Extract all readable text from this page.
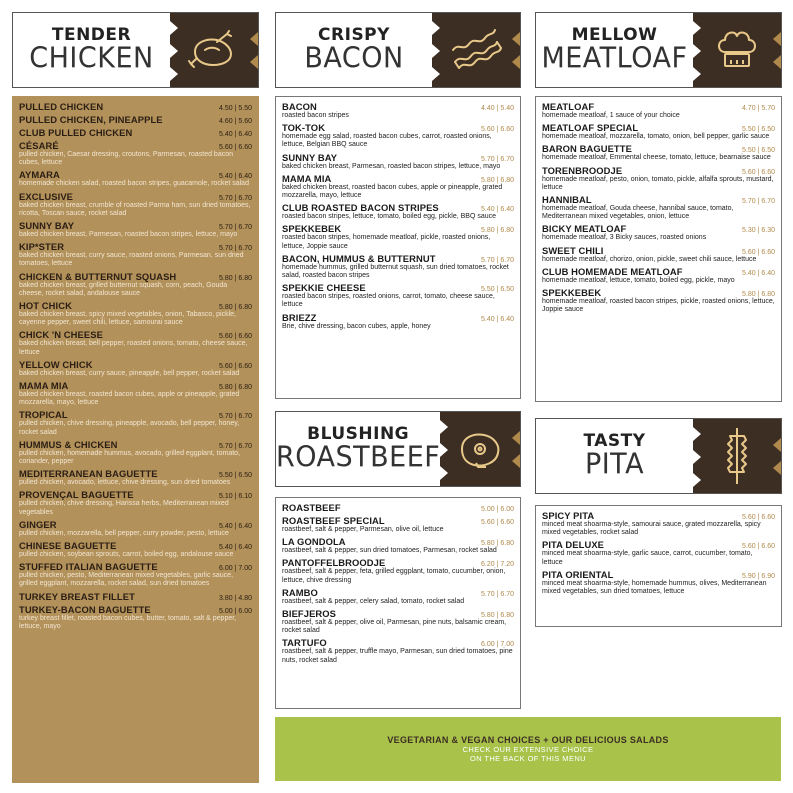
TENDER
CHICKEN
CRISPY
BACON
MELLOW
MEATLOAF
BLUSHING
ROASTBEEF
TASTY
PITA
PULLED CHICKEN	4.50 | 5.50
PULLED CHICKEN, PINEAPPLE	4.60 | 5.60
CLUB PULLED CHICKEN	5.40 | 6.40
CÉSARÉ	5.60 | 6.60
pulled chicken, Caesar dressing, croutons, Parmesan, roasted bacon cubes, lettuce
AYMARA	5.40 | 6.40
homemade chicken salad, roasted bacon stripes, guacamole, rocket salad
EXCLUSIVE	5.70 | 6.70
baked chicken breast, crumble of roasted Parma ham, sun dried tomatoes, ricotta, Toscan sauce, rocket salad
SUNNY BAY	5.70 | 6.70
baked chicken breast, Parmesan, roasted bacon stripes, lettuce, mayo
KIP*STER	5.70 | 6.70
baked chicken breast, curry sauce, roasted onions, Parmesan, sun dried tomatoes, lettuce
CHICKEN & BUTTERNUT SQUASH	5.80 | 6.80
baked chicken breast, grilled butternut squash, corn, peach, Gouda cheese, rocket salad, andalouse sauce
HOT CHICK	5.80 | 6.80
baked chicken breast, spicy mixed vegetables, onion, Tabasco, pickle, cayenne pepper, sweet chili, lettuce, samourai sauce
CHICK 'N CHEESE	5.60 | 6.60
baked chicken breast, bell pepper, roasted onions, tomato, cheese sauce, lettuce
YELLOW CHICK	5.60 | 6.60
baked chicken breast, curry sauce, pineapple, bell pepper, rocket salad
MAMA MIA	5.80 | 6.80
baked chicken breast, roasted bacon cubes, apple or pineapple, grated mozzarella, mayo, lettuce
TROPICAL	5.70 | 6.70
pulled chicken, chive dressing, pineapple, avocado, bell pepper, honey, rocket salad
HUMMUS & CHICKEN	5.70 | 6.70
pulled chicken, homemade hummus, avocado, grilled eggplant, tomato, coriander, pepper
MEDITERRANEAN BAGUETTE	5.50 | 6.50
pulled chicken, avocado, lettuce, chive dressing, sun dried tomatoes
PROVENÇAL BAGUETTE	5.10 | 6.10
pulled chicken, chive dressing, Harissa herbs, Mediterranean mixed vegetables
GINGER	5.40 | 6.40
pulled chicken, mozzarella, bell pepper, curry powder, pesto, lettuce
CHINESE BAGUETTE	5.40 | 6.40
pulled chicken, soybean sprouts, carrot, boiled egg, andalouse sauce
STUFFED ITALIAN BAGUETTE	6.00 | 7.00
pulled chicken, pesto, Mediterranean mixed vegetables, garlic sauce, grilled eggplant, mozzarella, rocket salad, sun dried tomatoes
TURKEY BREAST FILLET	3.80 | 4.80
TURKEY-BACON BAGUETTE	5.00 | 6.00
turkey breast fillet, roasted bacon cubes, butter, tomato, salt & pepper, lettuce, mayo
BACON	4.40 | 5.40
roasted bacon stripes
TOK-TOK	5.60 | 6.60
homemade egg salad, roasted bacon cubes, carrot, roasted onions, lettuce, Belgian BBQ sauce
SUNNY BAY	5.70 | 6.70
baked chicken breast, Parmesan, roasted bacon stripes, lettuce, mayo
MAMA MIA	5.80 | 6.80
baked chicken breast, roasted bacon cubes, apple or pineapple, grated mozzarella, mayo, lettuce
CLUB ROASTED BACON STRIPES	5.40 | 6.40
roasted bacon stripes, lettuce, tomato, boiled egg, pickle, BBQ sauce
SPEKKEBEK	5.80 | 6.80
roasted bacon stripes, homemade meatloaf, pickle, roasted onions, lettuce, Joppie sauce
BACON, HUMMUS & BUTTERNUT	5.70 | 6.70
homemade hummus, grilled butternut squash, sun dried tomatoes, rocket salad, roasted bacon stripes
SPEKKIE CHEESE	5.50 | 6.50
roasted bacon stripes, roasted onions, carrot, tomato, cheese sauce, lettuce
BRIEZZ	5.40 | 6.40
Brie, chive dressing, bacon cubes, apple, honey
MEATLOAF	4.70 | 5.70
homemade meatloaf, 1 sauce of your choice
MEATLOAF SPECIAL	5.50 | 6.50
homemade meatloaf, mozzarella, tomato, onion, bell pepper, garlic sauce
BARON BAGUETTE	5.50 | 6.50
homemade meatloaf, Emmental cheese, tomato, lettuce, bearnaise sauce
TORENBROODJE	5.60 | 6.60
homemade meatloaf, pesto, onion, tomato, pickle, alfalfa sprouts, mustard, lettuce
HANNIBAL	5.70 | 6.70
homemade meatloaf, Gouda cheese, hannibal sauce, tomato, Mediterranean mixed vegetables, onion, lettuce
BICKY MEATLOAF	5.30 | 6.30
homemade meatloaf, 3 Bicky sauces, roasted onions
SWEET CHILI	5.60 | 6.60
homemade meatloaf, chorizo, onion, pickle, sweet chili sauce, lettuce
CLUB HOMEMADE MEATLOAF	5.40 | 6.40
homemade meatloaf, lettuce, tomato, boiled egg, pickle, mayo
SPEKKEBEK	5.80 | 6.80
homemade meatloaf, roasted bacon stripes, pickle, roasted onions, lettuce, Joppie sauce
ROASTBEEF	5.00 | 6.00
ROASTBEEF SPECIAL	5.60 | 6.60
roastbeef, salt & pepper, Parmesan, olive oil, lettuce
LA GONDOLA	5.80 | 6.80
roastbeef, salt & pepper, sun dried tomatoes, Parmesan, rocket salad
PANTOFFELBROODJE	6.20 | 7.20
roastbeef, salt & pepper, feta, grilled eggplant, tomato, cucumber, onion, lettuce, chive dressing
RAMBO	5.70 | 6.70
roastbeef, salt & pepper, celery salad, tomato, rocket salad
BIEFJEROS	5.80 | 6.80
roastbeef, salt & pepper, olive oil, Parmesan, pine nuts, balsamic cream, rocket salad
TARTUFO	6.00 | 7.00
roastbeef, salt & pepper, truffle mayo, Parmesan, sun dried tomatoes, pine nuts, rocket salad
SPICY PITA	5.60 | 6.60
minced meat shoarma-style, samourai sauce, grated mozzarella, spicy mixed vegetables, rocket salad
PITA DELUXE	5.60 | 6.60
minced meat shoarma-style, garlic sauce, carrot, cucumber, tomato, lettuce
PITA ORIENTAL	5.90 | 6.90
minced meat shoarma-style, homemade hummus, olives, Mediterranean mixed vegetables, sun dried tomatoes, lettuce
VEGETARIAN & VEGAN CHOICES + OUR DELICIOUS SALADS
CHECK OUR EXTENSIVE CHOICE
ON THE BACK OF THIS MENU
